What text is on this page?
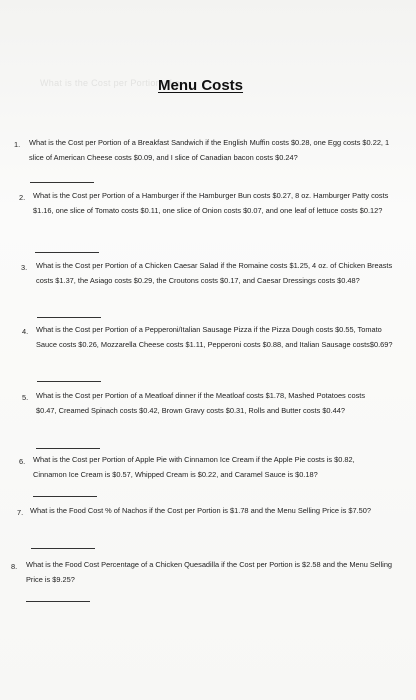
What is the Cost per Portion of a
Menu Costs
1. What is the Cost per Portion of a Breakfast Sandwich if the English Muffin costs $0.28, one Egg costs $0.22, 1 slice of American Cheese costs $0.09, and I slice of Canadian bacon costs $0.24?
2. What is the Cost per Portion of a Hamburger if the Hamburger Bun costs $0.27, 8 oz. Hamburger Patty costs $1.16, one slice of Tomato costs $0.11, one slice of Onion costs $0.07, and one leaf of lettuce costs $0.12?
3. What is the Cost per Portion of a Chicken Caesar Salad if the Romaine costs $1.25, 4 oz. of Chicken Breasts costs $1.37, the Asiago costs $0.29, the Croutons costs $0.17, and Caesar Dressings costs $0.48?
4. What is the Cost per Portion of a Pepperoni/Italian Sausage Pizza if the Pizza Dough costs $0.55, Tomato Sauce costs $0.26, Mozzarella Cheese costs $1.11, Pepperoni costs $0.88, and Italian Sausage costs$0.69?
5. What is the Cost per Portion of a Meatloaf dinner if the Meatloaf costs $1.78, Mashed Potatoes costs $0.47, Creamed Spinach costs $0.42, Brown Gravy costs $0.31, Rolls and Butter costs $0.44?
6. What is the Cost per Portion of Apple Pie with Cinnamon Ice Cream if the Apple Pie costs is $0.82, Cinnamon Ice Cream is $0.57, Whipped Cream is $0.22, and Caramel Sauce is $0.18?
7. What is the Food Cost % of Nachos if the Cost per Portion is $1.78 and the Menu Selling Price is $7.50?
8. What is the Food Cost Percentage of a Chicken Quesadilla if the Cost per Portion is $2.58 and the Menu Selling Price is $9.25?
